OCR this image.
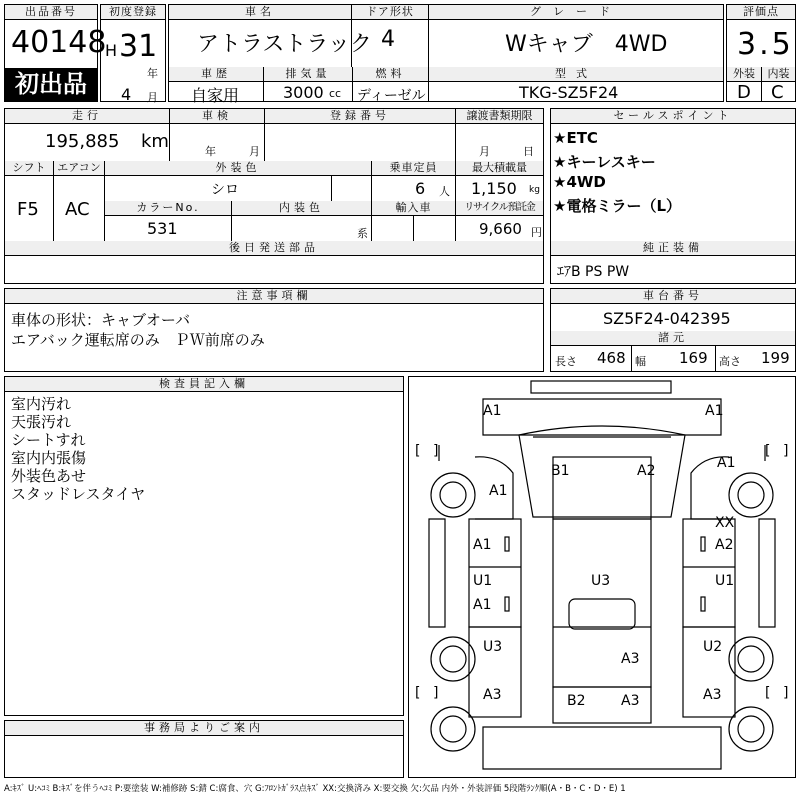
出品番号
40148
初出品
初度登録
H 31
年
4 月
車名
アトラストラック
ドア形状
4
グレード
Wキャブ　4WD
車歴
自家用
排気量
3000 cc
燃料
ディーゼル
型式
TKG-SZ5F24
評価点
3.5
外装	内装
D C
走行
195,885 km
車検
年	月
登録番号	譲渡書類期限
月	日
シフト
F5
エアコン
AC
外装色
シロ
乗車定員
6 人
最大積載量
1,150 kg
カラーNo.
531
内装色
系
輸入車	リサイクル預託金
9,660 円
後日発送部品
セールスポイント
★ETC
★キーレスキー
★4WD
★電格ミラー（L）
純正装備
ｴｱB PS PW
注意事項欄
車体の形状：キャブオーバ
エアバック運転席のみ　ＰＷ前席のみ
車台番号
SZ5F24-042395
諸元
長さ 468 幅 169 高さ 199
検査員記入欄
室内汚れ
天張汚れ
シートすれ
室内内張傷
外装色あせ
スタッドレスタイヤ
事務局よりご案内
[ ]	[ ]
[ ]	[ ]
A1	A1
B1	A2
A1
A1
XX
A1	A2
U1	U3	U1
A1
U3	U2
A3
A3	A3
B2	A3
A:ｷｽﾞ U:ﾍｺﾐ B:ｷｽﾞを伴うﾍｺﾐ P:要塗装 W:補修跡 S:錆 C:腐食、穴 G:ﾌﾛﾝﾄｶﾞﾗｽ点ｷｽﾞ XX:交換済み X:要交換 欠:欠品 内外・外装評価 5段階ﾗﾝｸ順(A・B・C・D・E) 1
